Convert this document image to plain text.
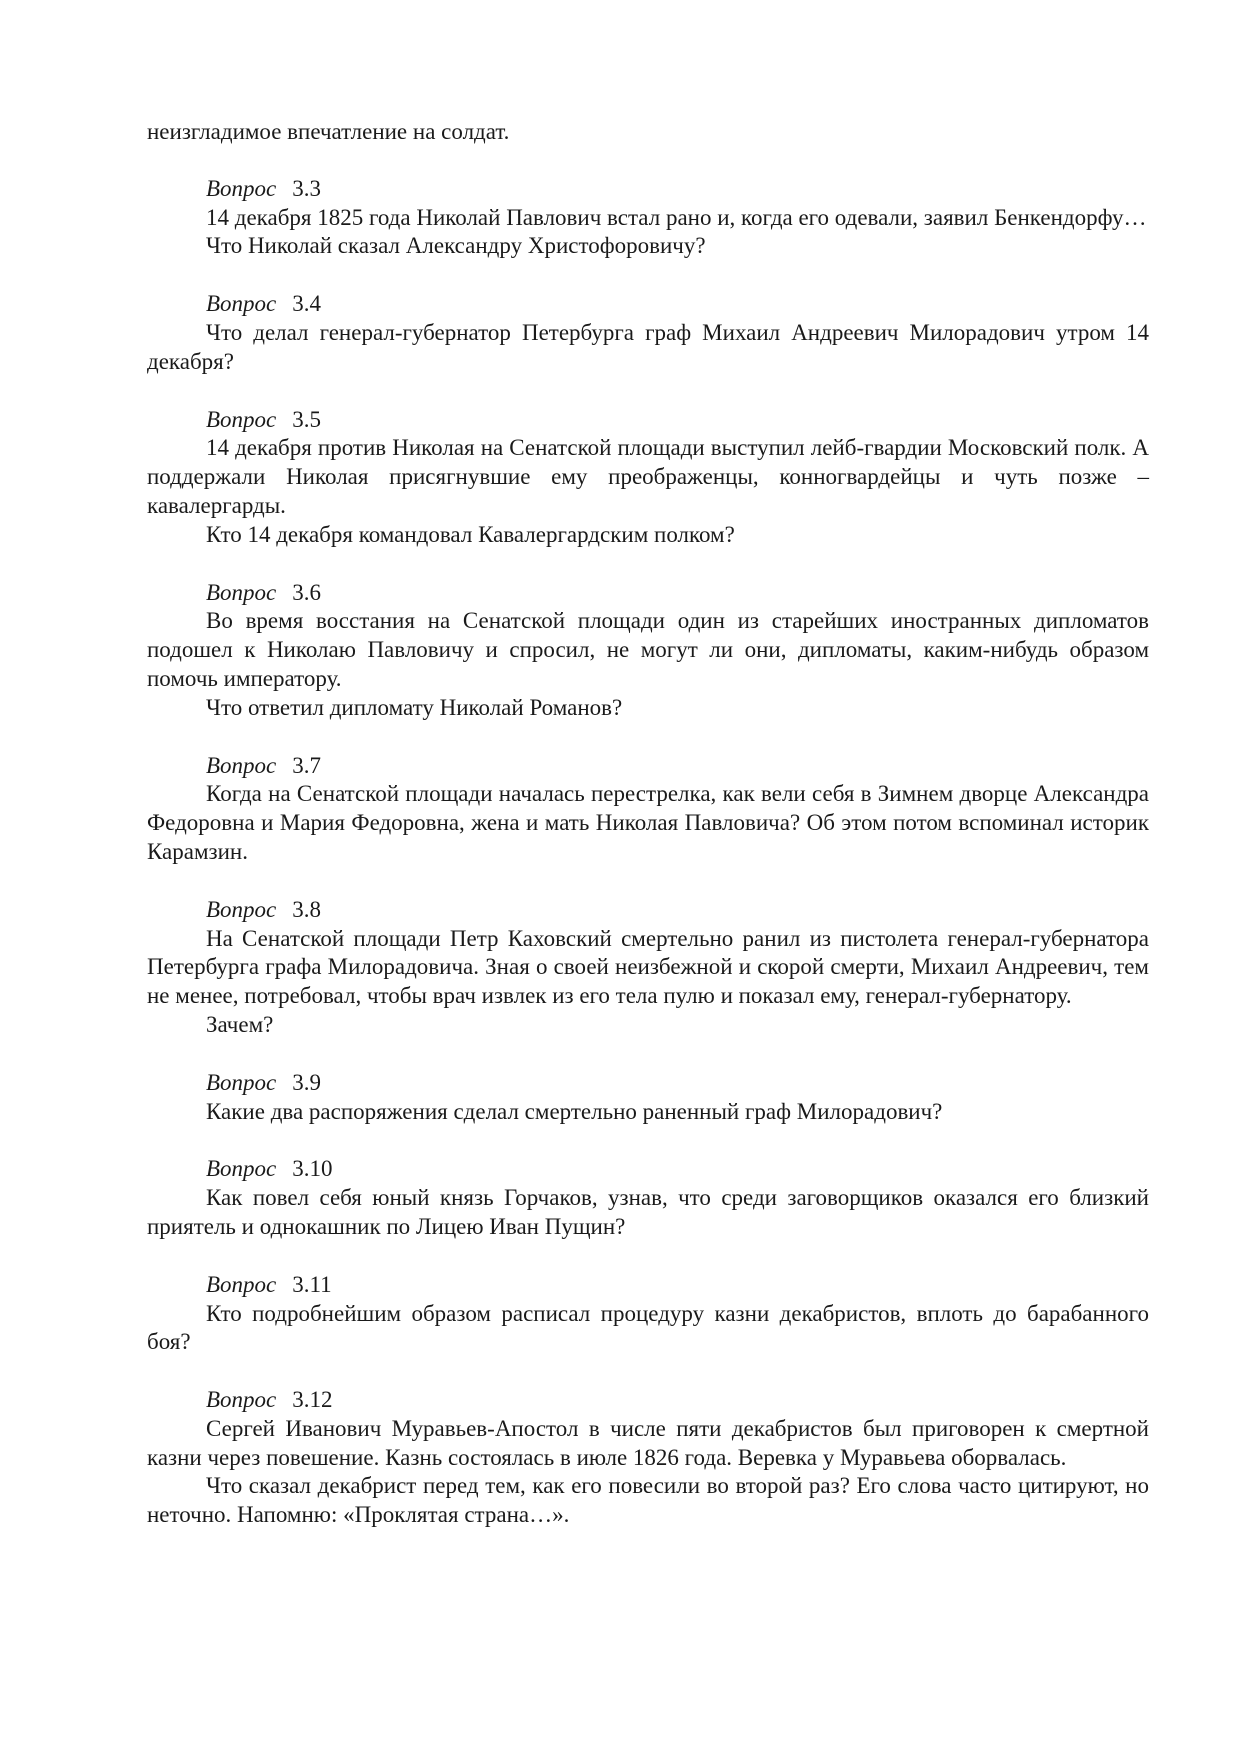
неизгладимое впечатление на солдат.

Вопрос 3.3

14 декабря 1825 года Николай Павлович встал рано и, когда его одевали, заявил Бенкендорфу…

Что Николай сказал Александру Христофоровичу?

Вопрос 3.4

Что делал генерал-губернатор Петербурга граф Михаил Андреевич Милорадович утром 14 декабря?

Вопрос 3.5

14 декабря против Николая на Сенатской площади выступил лейб-гвардии Московский полк. А поддержали Николая присягнувшие ему преображенцы, конногвардейцы и чуть позже – кавалергарды.

Кто 14 декабря командовал Кавалергардским полком?

Вопрос 3.6

Во время восстания на Сенатской площади один из старейших иностранных дипломатов подошел к Николаю Павловичу и спросил, не могут ли они, дипломаты, каким-нибудь образом помочь императору.

Что ответил дипломату Николай Романов?

Вопрос 3.7

Когда на Сенатской площади началась перестрелка, как вели себя в Зимнем дворце Александра Федоровна и Мария Федоровна, жена и мать Николая Павловича? Об этом потом вспоминал историк Карамзин.

Вопрос 3.8

На Сенатской площади Петр Каховский смертельно ранил из пистолета генерал-губернатора Петербурга графа Милорадовича. Зная о своей неизбежной и скорой смерти, Михаил Андреевич, тем не менее, потребовал, чтобы врач извлек из его тела пулю и показал ему, генерал-губернатору.

Зачем?

Вопрос 3.9

Какие два распоряжения сделал смертельно раненный граф Милорадович?

Вопрос 3.10

Как повел себя юный князь Горчаков, узнав, что среди заговорщиков оказался его близкий приятель и однокашник по Лицею Иван Пущин?

Вопрос 3.11

Кто подробнейшим образом расписал процедуру казни декабристов, вплоть до барабанного боя?

Вопрос 3.12

Сергей Иванович Муравьев-Апостол в числе пяти декабристов был приговорен к смертной казни через повешение. Казнь состоялась в июле 1826 года. Веревка у Муравьева оборвалась.

Что сказал декабрист перед тем, как его повесили во второй раз? Его слова часто цитируют, но неточно. Напомню: «Проклятая страна…».
